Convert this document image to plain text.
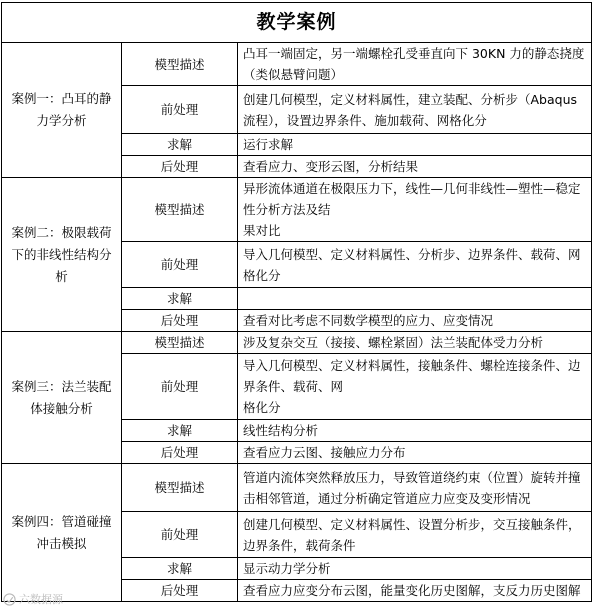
教学案例		
案例一：凸耳的静力学分析	模型描述	凸耳一端固定，另一端螺栓孔受垂直向下 30KN 力的静态挠度（类似悬臂问题）
	前处理	创建几何模型，定义材料属性，建立装配、分析步（Abaqus 流程），设置边界条件、施加载荷、网格化分
	求解	运行求解
	后处理	查看应力、变形云图，分析结果
案例二：极限载荷下的非线性结构分析	模型描述	异形流体通道在极限压力下，线性—几何非线性—塑性—稳定性分析方法及结
果对比
	前处理	导入几何模型、定义材料属性、分析步、边界条件、载荷、网格化分
	求解	
	后处理	查看对比考虑不同数学模型的应力、应变情况
案例三：法兰装配体接触分析	模型描述	涉及复杂交互（接接、螺栓紧固）法兰装配体受力分析
	前处理	导入几何模型、定义材料属性，接触条件、螺栓连接条件、边界条件、载荷、网
格化分
	求解	线性结构分析
	后处理	查看应力云图、接触应力分布
案例四：管道碰撞冲击模拟	模型描述	管道内流体突然释放压力，导致管道绕约束（位置）旋转并撞击相邻管道，通过分析确定管道应力应变及变形情况
	前处理	创建几何模型、定义材料属性、设置分析步，交互接触条件，边界条件，载荷条件
	求解	显示动力学分析
	后处理	查看应力应变分布云图，能量变化历史图解，支反力历史图解
六数据源
